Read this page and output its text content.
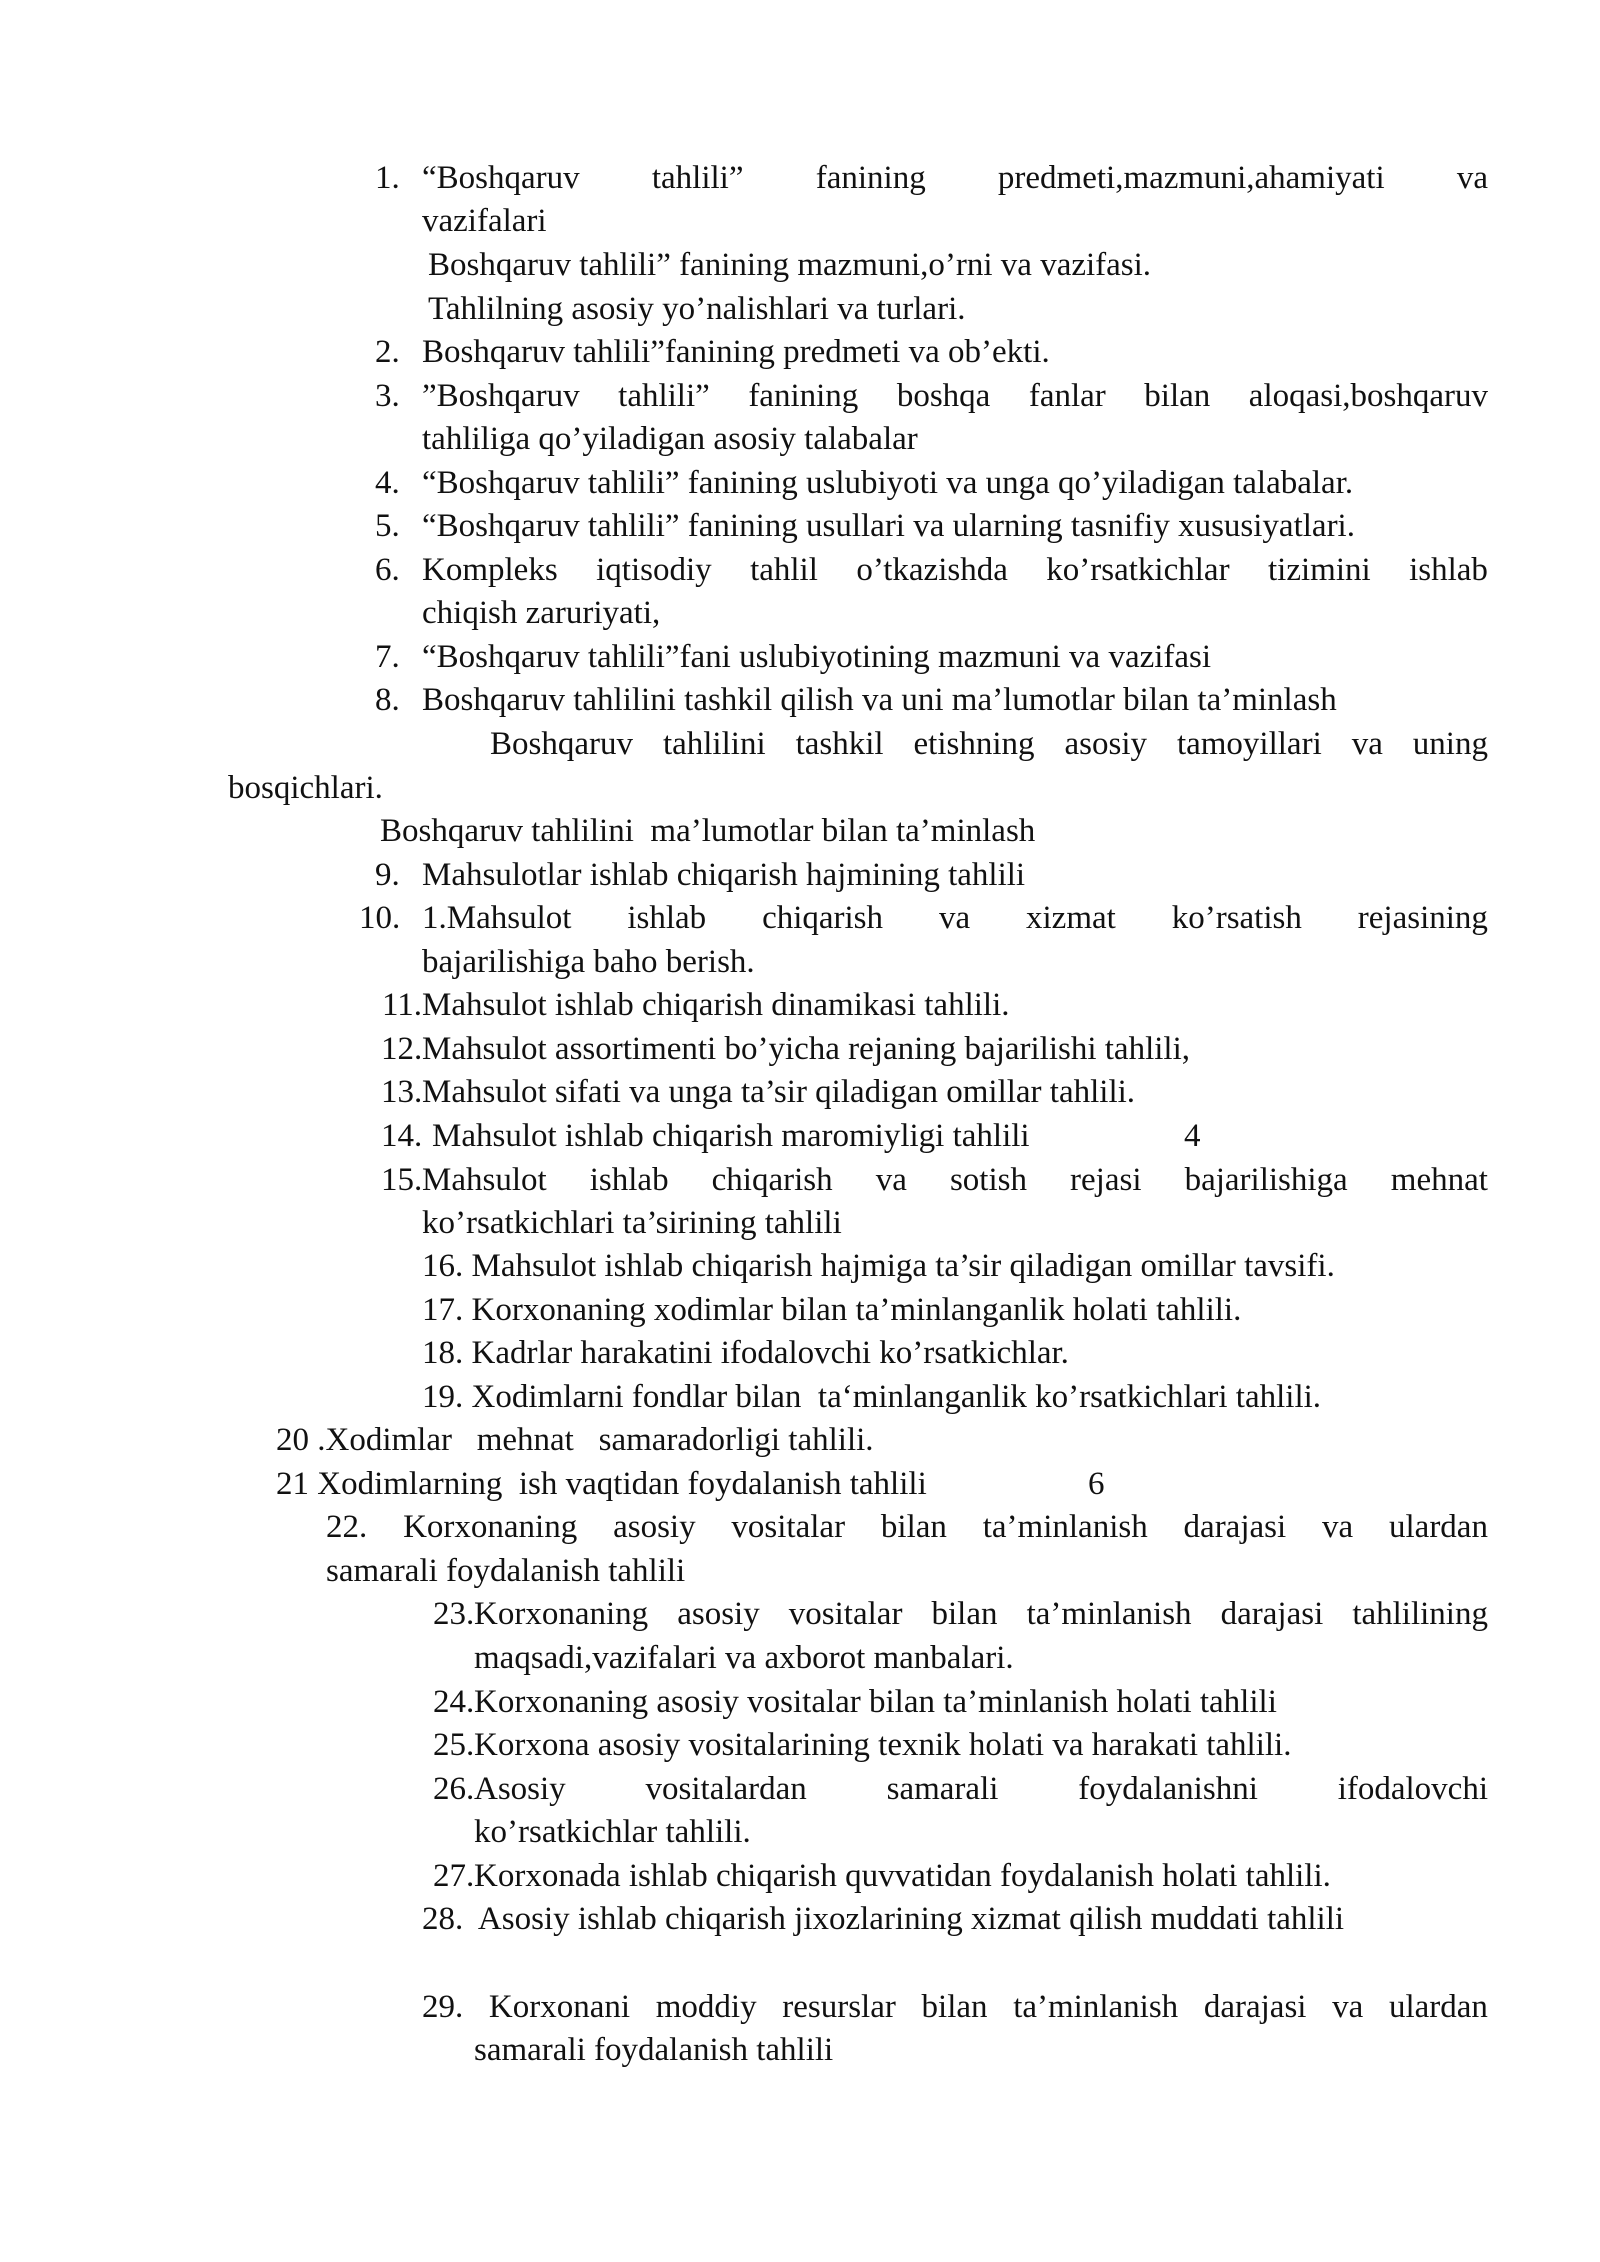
1. “Boshqaruv tahlili” fanining predmeti,mazmuni,ahamiyati va
vazifalari
Boshqaruv tahlili” fanining mazmuni,o’rni va vazifasi.
Tahlilning asosiy yo’nalishlari va turlari.
2. Boshqaruv tahlili”fanining predmeti va ob’ekti.
3. ”Boshqaruv tahlili” fanining boshqa fanlar bilan aloqasi,boshqaruv
tahliliga qo’yiladigan asosiy talabalar
4. “Boshqaruv tahlili” fanining uslubiyoti va unga qo’yiladigan talabalar.
5. “Boshqaruv tahlili” fanining usullari va ularning tasnifiy xususiyatlari.
6. Kompleks iqtisodiy tahlil o’tkazishda ko’rsatkichlar tizimini ishlab
chiqish zaruriyati,
7. “Boshqaruv tahlili”fani uslubiyotining mazmuni va vazifasi
8. Boshqaruv tahlilini tashkil qilish va uni ma’lumotlar bilan ta’minlash
Boshqaruv tahlilini tashkil etishning asosiy tamoyillari va uning
bosqichlari.
Boshqaruv tahlilini  ma’lumotlar bilan ta’minlash
9. Mahsulotlar ishlab chiqarish hajmining tahlili
10. 1.Mahsulot ishlab chiqarish va xizmat ko’rsatish rejasining
bajarilishiga baho berish.
11. Mahsulot ishlab chiqarish dinamikasi tahlili.
12. Mahsulot assortimenti bo’yicha rejaning bajarilishi tahlili,
13. Mahsulot sifati va unga ta’sir qiladigan omillar tahlili.
14. Mahsulot ishlab chiqarish maromiyligi tahlili	4
15. Mahsulot ishlab chiqarish va sotish rejasi bajarilishiga mehnat
ko’rsatkichlari ta’sirining tahlili
16. Mahsulot ishlab chiqarish hajmiga ta’sir qiladigan omillar tavsifi.
17. Korxonaning xodimlar bilan ta’minlanganlik holati tahlili.
18. Kadrlar harakatini ifodalovchi ko’rsatkichlar.
19. Xodimlarni fondlar bilan  ta‘minlanganlik ko’rsatkichlari tahlili.
20 .Xodimlar   mehnat   samaradorligi tahlili.
21 Xodimlarning  ish vaqtidan foydalanish tahlili	6
22. Korxonaning asosiy vositalar bilan ta’minlanish darajasi va ulardan
samarali foydalanish tahlili
23. Korxonaning asosiy vositalar bilan ta’minlanish darajasi tahlilining
maqsadi,vazifalari va axborot manbalari.
24. Korxonaning asosiy vositalar bilan ta’minlanish holati tahlili
25. Korxona asosiy vositalarining texnik holati va harakati tahlili.
26. Asosiy vositalardan samarali foydalanishni ifodalovchi
ko’rsatkichlar tahlili.
27. Korxonada ishlab chiqarish quvvatidan foydalanish holati tahlili.
28.  Asosiy ishlab chiqarish jixozlarining xizmat qilish muddati tahlili
29. Korxonani moddiy resurslar bilan ta’minlanish darajasi va ulardan
samarali foydalanish tahlili
